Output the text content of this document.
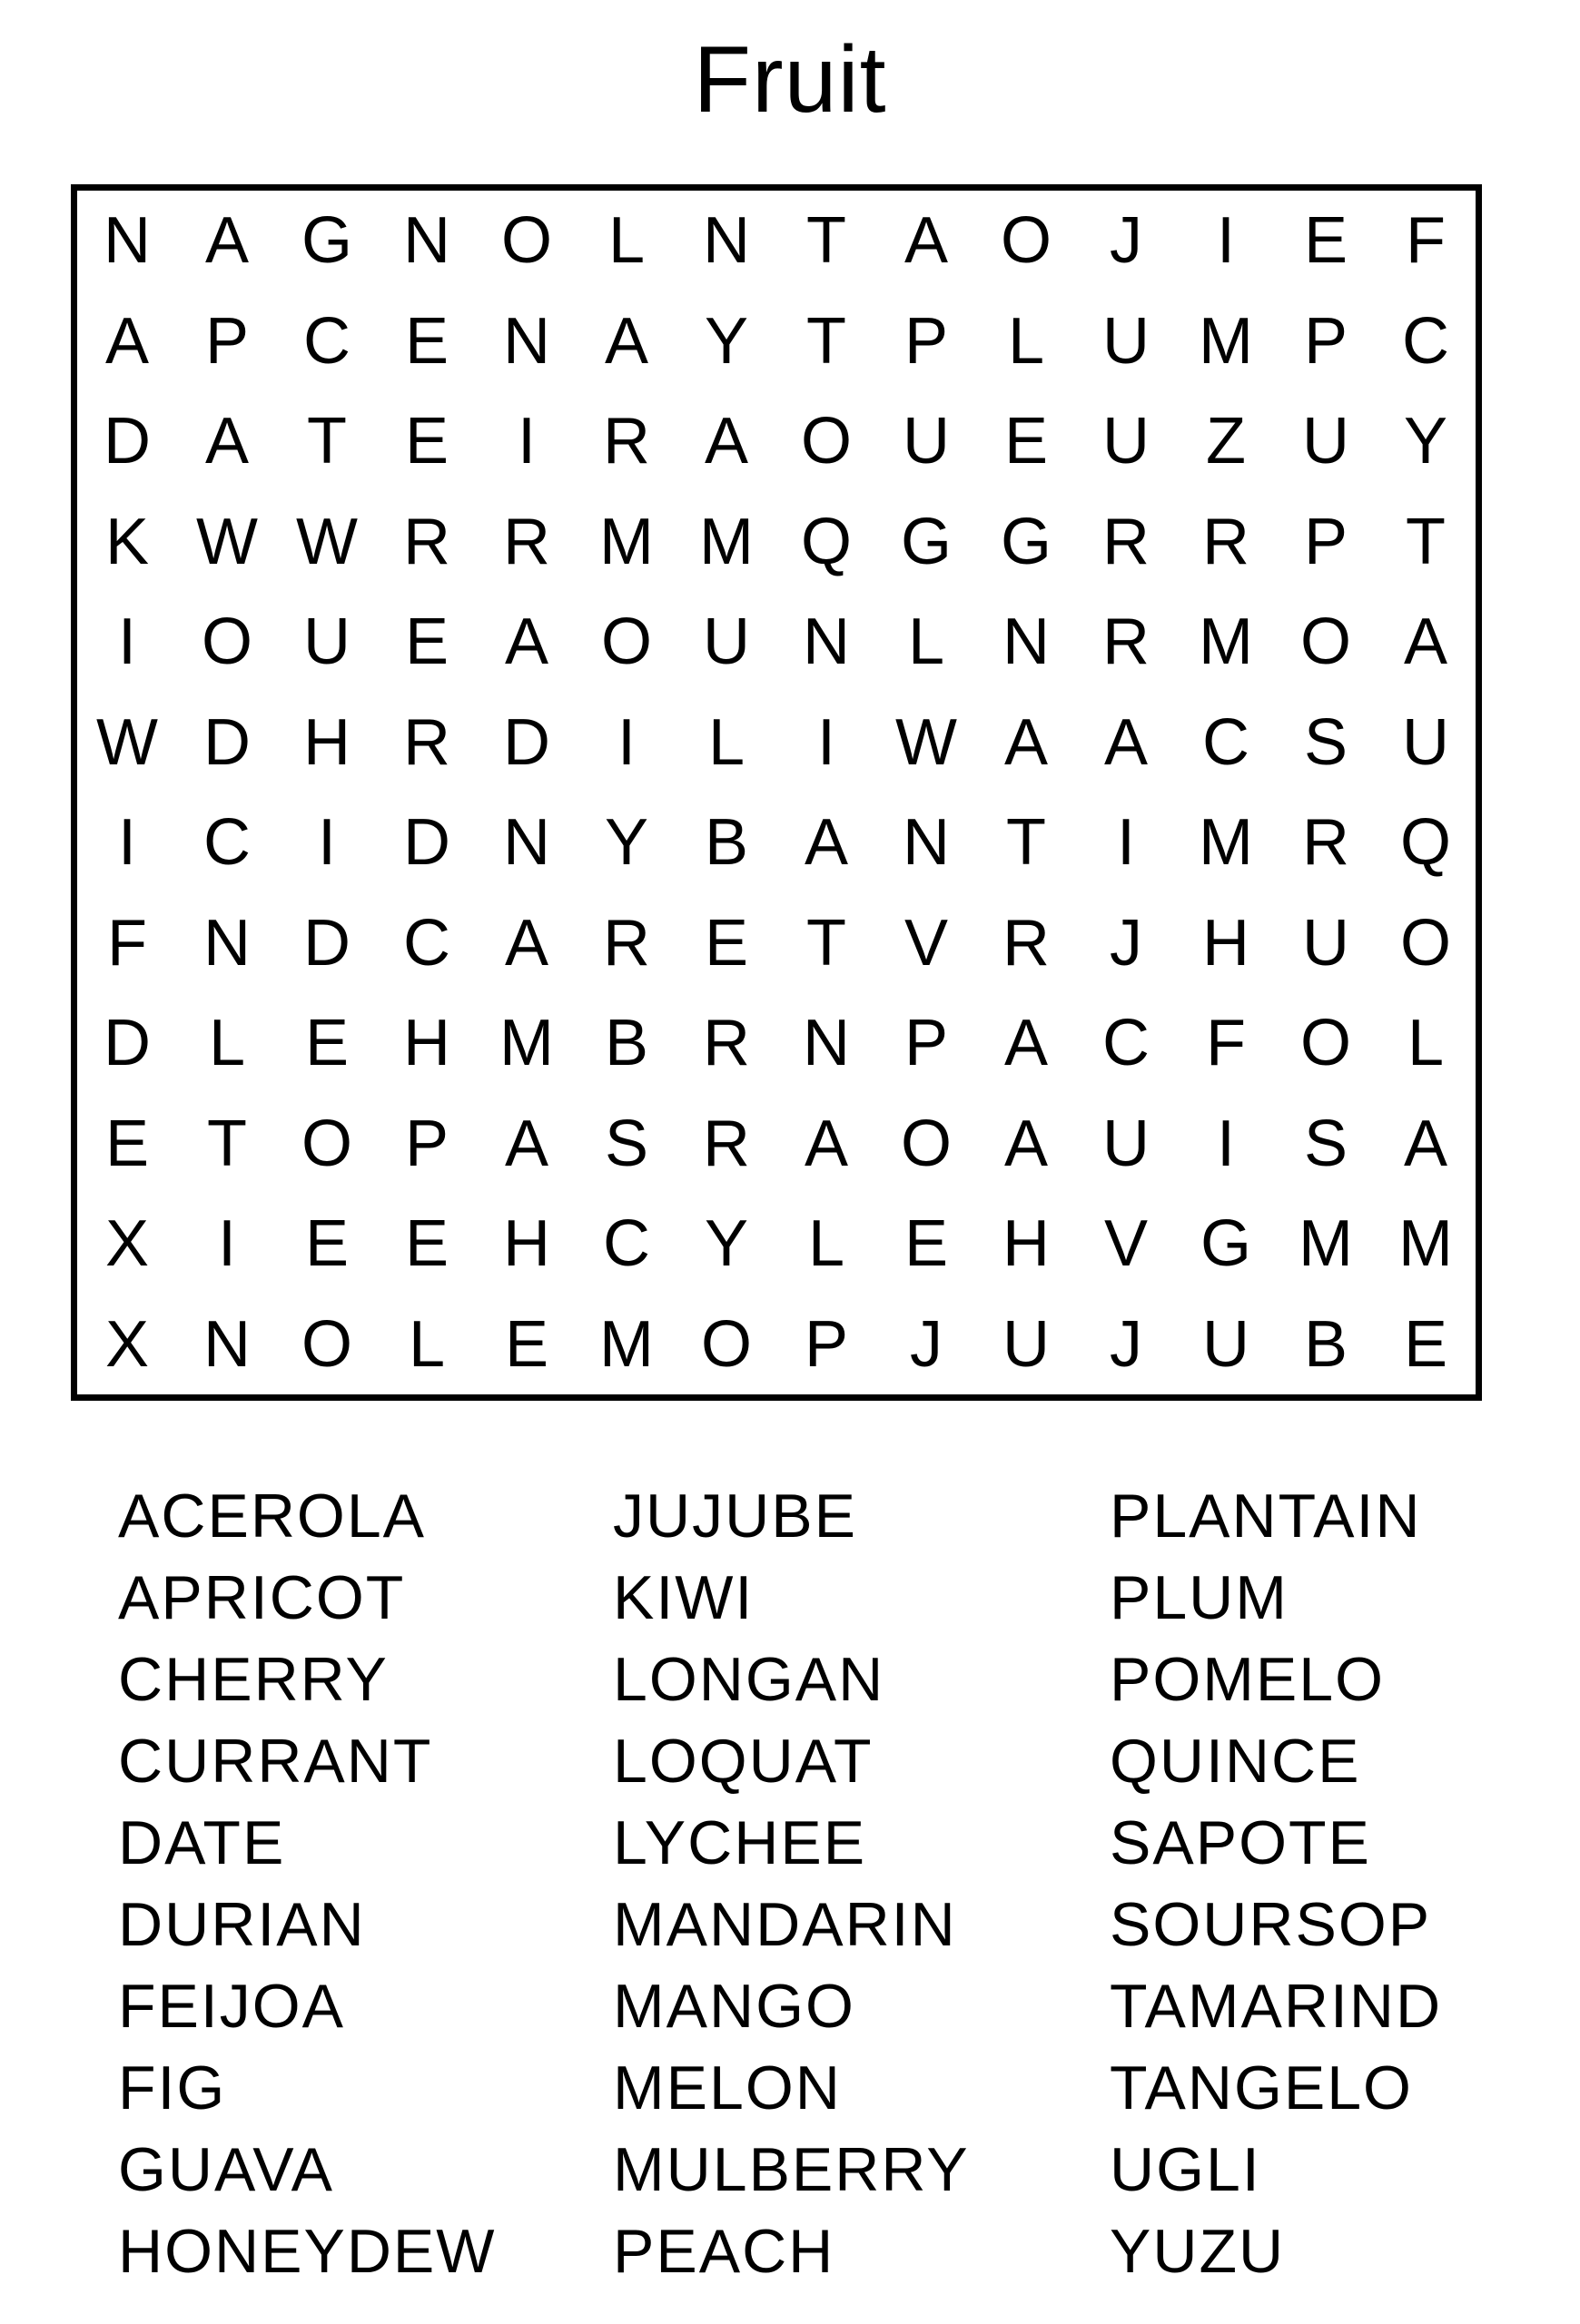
Fruit
N A G N O L N T A O J	I	E F
A P C E N A Y T P L U M P C
D A T E	I	R A O U E U Z U Y
K W W R R M M Q G G R R P T
I O U E A O U N L N R M O A
W D H R D	I	L	I W A A C S U
I	C	I	D N Y B A N T	I M R Q
F N D C A R E T V R J H U O
D L E H M B R N P A C F O L
E T O P A S R A O A U	I	S A
X	I	E E H C Y L E H V G M M
X N O L E M O P J U J U B E
ACEROLA
APRICOT
CHERRY
CURRANT
DATE
DURIAN
FEIJOA
FIG
GUAVA
HONEYDEW
JUJUBE
KIWI
LONGAN
LOQUAT
LYCHEE
MANDARIN
MANGO
MELON
MULBERRY
PEACH
PLANTAIN
PLUM
POMELO
QUINCE
SAPOTE
SOURSOP
TAMARIND
TANGELO
UGLI
YUZU
